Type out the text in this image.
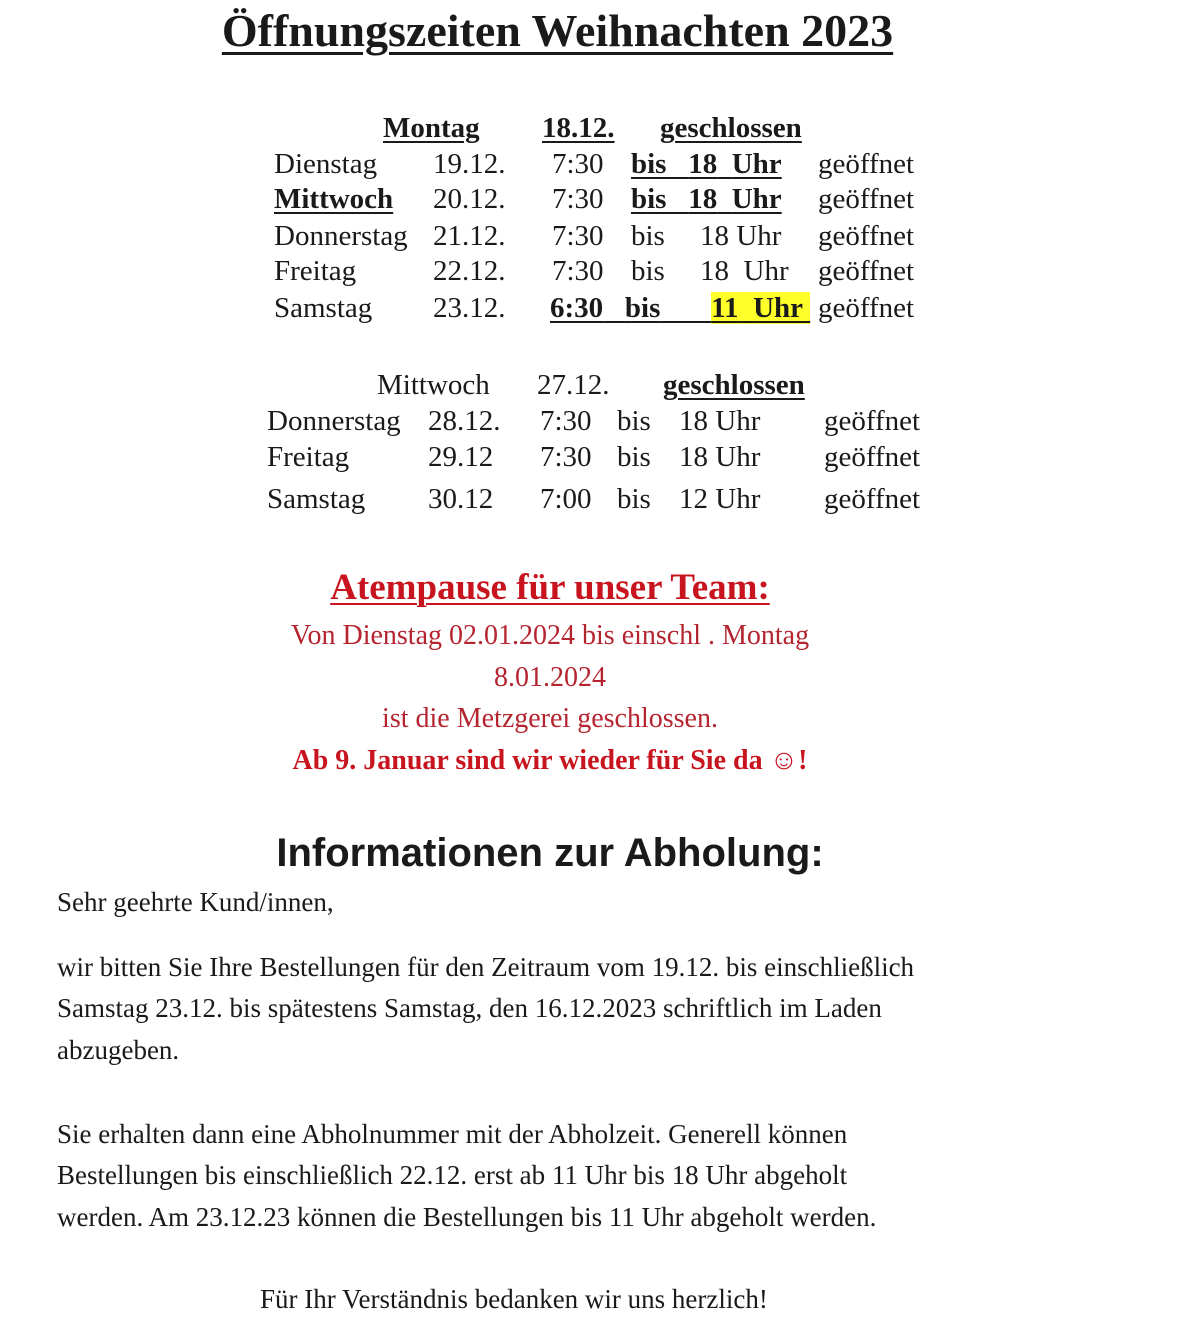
Öffnungszeiten Weihnachten 2023
Montag 18.12. geschlossen
Dienstag 19.12. 7:30 bis 18 Uhr geöffnet
Mittwoch 20.12. 7:30 bis 18 Uhr geöffnet
Donnerstag 21.12. 7:30 bis 18 Uhr geöffnet
Freitag	22.12. 7:30 bis 18 Uhr geöffnet
Samstag 23.12. 6:30 bis 11 Uhr geöffnet
Mittwoch 27.12. geschlossen
Donnerstag 28.12. 7:30 bis 18 Uhr geöffnet
Freitag	29.12 7:30 bis 18 Uhr geöffnet
Samstag 30.12 7:00 bis 12 Uhr geöffnet
Atempause für unser Team:
Von Dienstag 02.01.2024 bis einschl . Montag
8.01.2024
ist die Metzgerei geschlossen.
Ab 9. Januar sind wir wieder für Sie da ☺!
Informationen zur Abholung:
Sehr geehrte Kund/innen,
wir bitten Sie Ihre Bestellungen für den Zeitraum vom 19.12. bis einschließlich
Samstag 23.12. bis spätestens Samstag, den 16.12.2023 schriftlich im Laden
abzugeben.
Sie erhalten dann eine Abholnummer mit der Abholzeit. Generell können
Bestellungen bis einschließlich 22.12. erst ab 11 Uhr bis 18 Uhr abgeholt
werden. Am 23.12.23 können die Bestellungen bis 11 Uhr abgeholt werden.
Für Ihr Verständnis bedanken wir uns herzlich!
